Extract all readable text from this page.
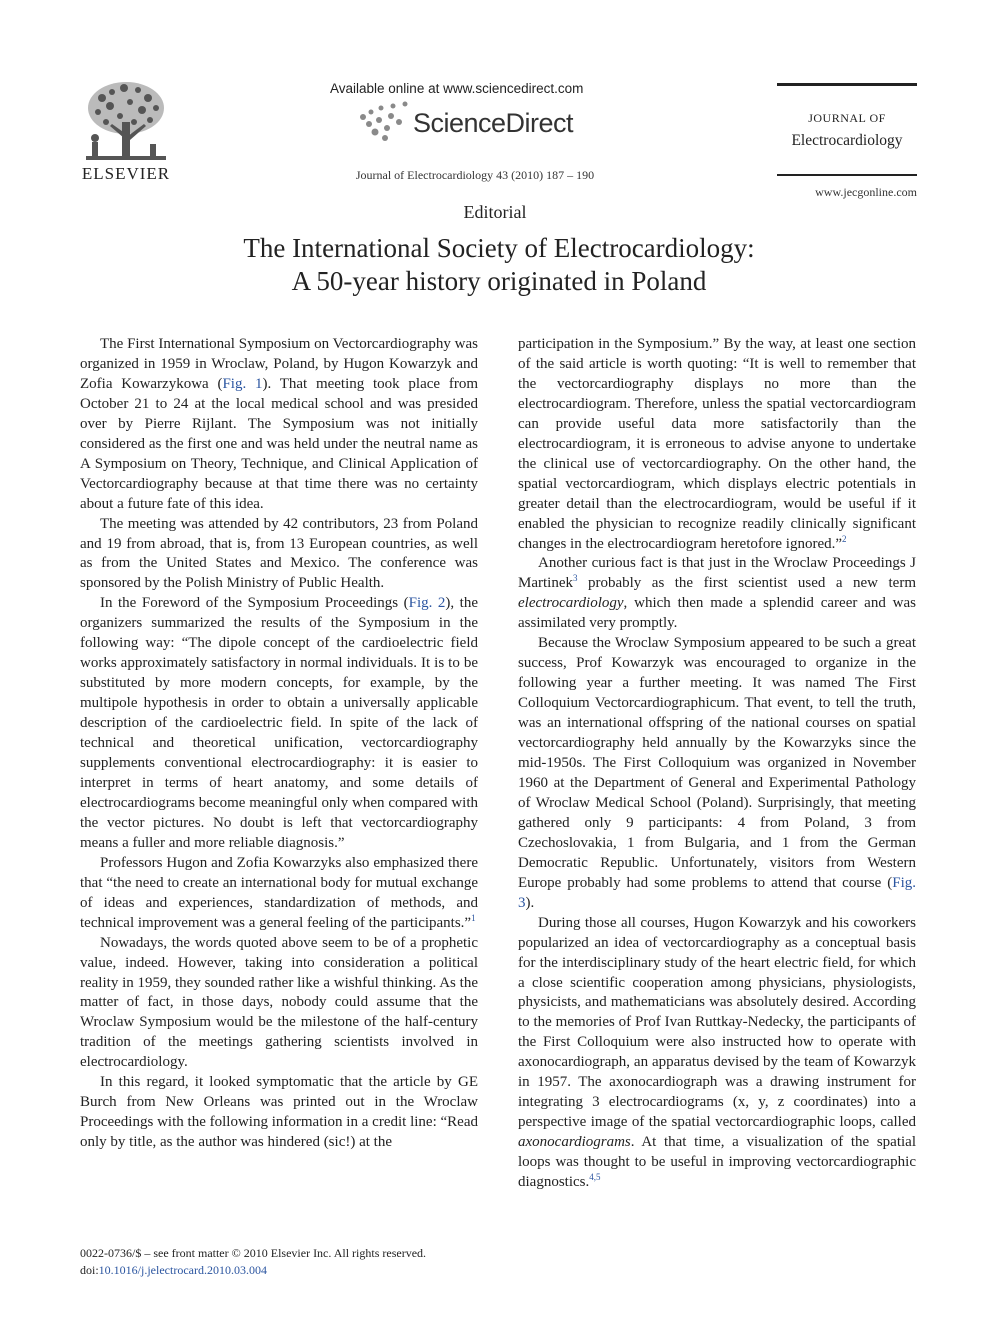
ELSEVIER
Available online at www.sciencedirect.com
ScienceDirect
Journal of Electrocardiology 43 (2010) 187 – 190
JOURNAL OF
Electrocardiology
www.jecgonline.com
Editorial
The International Society of Electrocardiology:
A 50-year history originated in Poland

The First International Symposium on Vectorcardiography was organized in 1959 in Wroclaw, Poland, by Hugon Kowarzyk and Zofia Kowarzykowa (Fig. 1). That meeting took place from October 21 to 24 at the local medical school and was presided over by Pierre Rijlant. The Symposium was not initially considered as the first one and was held under the neutral name as A Symposium on Theory, Technique, and Clinical Application of Vectorcardiography because at that time there was no certainty about a future fate of this idea.

The meeting was attended by 42 contributors, 23 from Poland and 19 from abroad, that is, from 13 European countries, as well as from the United States and Mexico. The conference was sponsored by the Polish Ministry of Public Health.

In the Foreword of the Symposium Proceedings (Fig. 2), the organizers summarized the results of the Symposium in the following way: “The dipole concept of the cardioelectric field works approximately satisfactory in normal individuals. It is to be substituted by more modern concepts, for example, by the multipole hypothesis in order to obtain a universally applicable description of the cardioelectric field. In spite of the lack of technical and theoretical unification, vectorcardiography supplements conventional electrocardiography: it is easier to interpret in terms of heart anatomy, and some details of electrocardiograms become meaningful only when compared with the vector pictures. No doubt is left that vectorcardiography means a fuller and more reliable diagnosis.”

Professors Hugon and Zofia Kowarzyks also emphasized there that “the need to create an international body for mutual exchange of ideas and experiences, standardization of methods, and technical improvement was a general feeling of the participants.”$^1$

Nowadays, the words quoted above seem to be of a prophetic value, indeed. However, taking into consideration a political reality in 1959, they sounded rather like a wishful thinking. As the matter of fact, in those days, nobody could assume that the Wroclaw Symposium would be the milestone of the half-century tradition of the meetings gathering scientists involved in electrocardiology.

In this regard, it looked symptomatic that the article by GE Burch from New Orleans was printed out in the Wroclaw Proceedings with the following information in a credit line: “Read only by title, as the author was hindered (sic!) at the

participation in the Symposium.” By the way, at least one section of the said article is worth quoting: “It is well to remember that the vectorcardiography displays no more than the electrocardiogram. Therefore, unless the spatial vectorcardiogram can provide useful data more satisfactorily than the electrocardiogram, it is erroneous to advise anyone to undertake the clinical use of vectorcardiography. On the other hand, the spatial vectorcardiogram, which displays electric potentials in greater detail than the electrocardiogram, would be useful if it enabled the physician to recognize readily clinically significant changes in the electrocardiogram heretofore ignored.”$^2$

Another curious fact is that just in the Wroclaw Proceedings J Martinek$^3$ probably as the first scientist used a new term electrocardiology, which then made a splendid career and was assimilated very promptly.

Because the Wroclaw Symposium appeared to be such a great success, Prof Kowarzyk was encouraged to organize in the following year a further meeting. It was named The First Colloquium Vectorcardiographicum. That event, to tell the truth, was an international offspring of the national courses on spatial vectorcardiography held annually by the Kowarzyks since the mid-1950s. The First Colloquium was organized in November 1960 at the Department of General and Experimental Pathology of Wroclaw Medical School (Poland). Surprisingly, that meeting gathered only 9 participants: 4 from Poland, 3 from Czechoslovakia, 1 from Bulgaria, and 1 from the German Democratic Republic. Unfortunately, visitors from Western Europe probably had some problems to attend that course (Fig. 3).

During those all courses, Hugon Kowarzyk and his coworkers popularized an idea of vectorcardiography as a conceptual basis for the interdisciplinary study of the heart electric field, for which a close scientific cooperation among physicians, physiologists, physicists, and mathematicians was absolutely desired. According to the memories of Prof Ivan Ruttkay-Nedecky, the participants of the First Colloquium were also instructed how to operate with axonocardiograph, an apparatus devised by the team of Kowarzyk in 1957. The axonocardiograph was a drawing instrument for integrating 3 electrocardiograms (x, y, z coordinates) into a perspective image of the spatial vectorcardiographic loops, called axonocardiograms. At that time, a visualization of the spatial loops was thought to be useful in improving vectorcardiographic diagnostics.$^{4,5}$

0022-0736/$ – see front matter © 2010 Elsevier Inc. All rights reserved.
doi:10.1016/j.jelectrocard.2010.03.004
